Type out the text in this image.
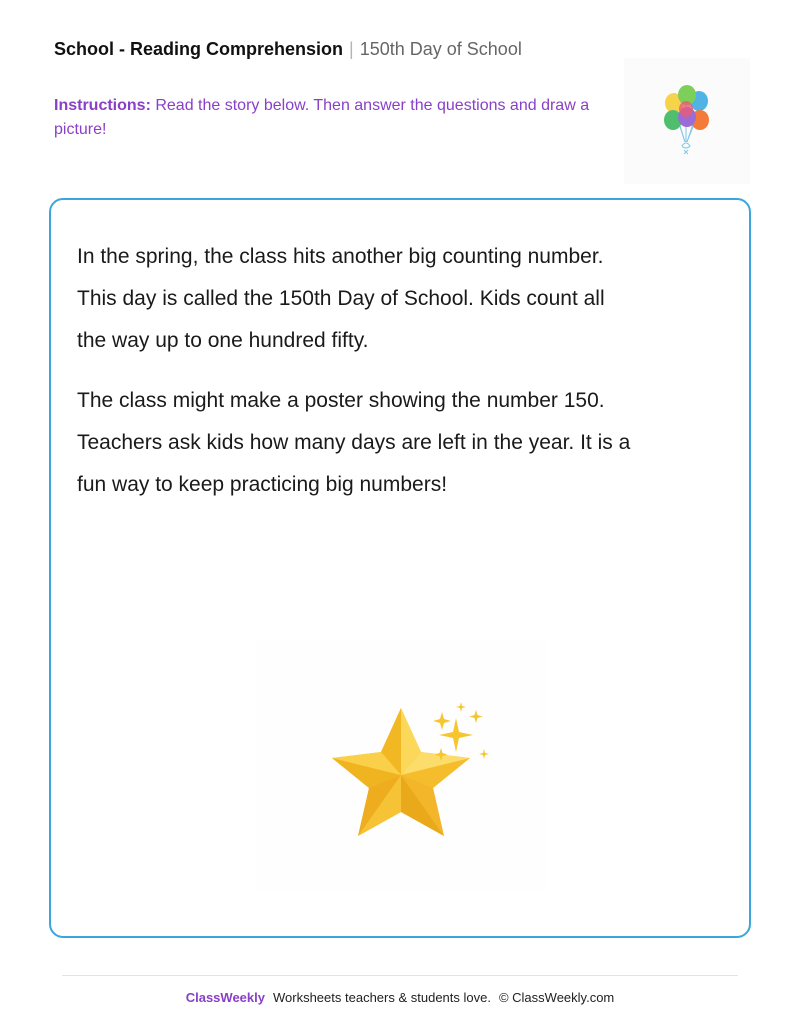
School - Reading Comprehension | 150th Day of School
Instructions: Read the story below. Then answer the questions and draw a picture!

In the spring, the class hits another big counting number.
This day is called the 150th Day of School. Kids count all
the way up to one hundred fifty.

The class might make a poster showing the number 150.
Teachers ask kids how many days are left in the year. It is a
fun way to keep practicing big numbers!

ClassWeekly Worksheets teachers & students love. © ClassWeekly.com
